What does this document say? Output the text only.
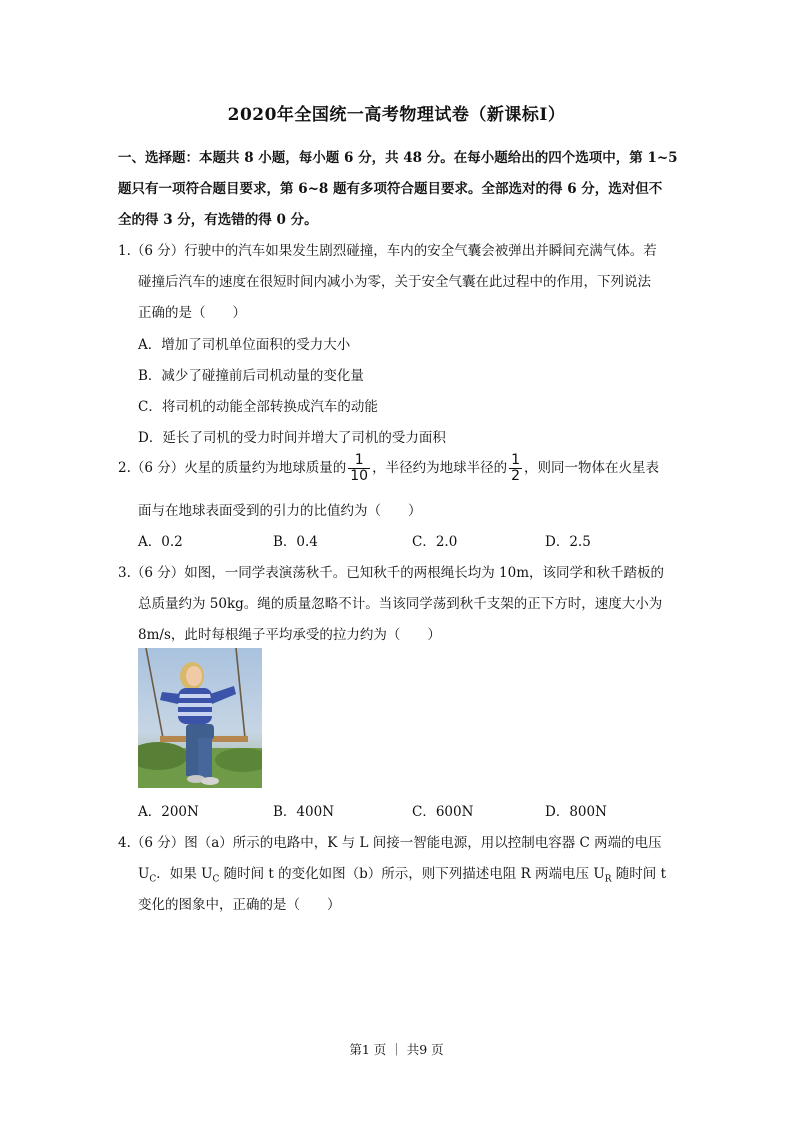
2020年全国统一高考物理试卷（新课标Ⅰ）
一、选择题：本题共 8 小题，每小题 6 分，共 48 分。在每小题给出的四个选项中，第 1~5
题只有一项符合题目要求，第 6~8 题有多项符合题目要求。全部选对的得 6 分，选对但不
全的得 3 分，有选错的得 0 分。
1.（6 分）行驶中的汽车如果发生剧烈碰撞，车内的安全气囊会被弹出并瞬间充满气体。若
碰撞后汽车的速度在很短时间内减小为零，关于安全气囊在此过程中的作用，下列说法
正确的是（　　）
A．增加了司机单位面积的受力大小
B．减少了碰撞前后司机动量的变化量
C．将司机的动能全部转换成汽车的动能
D．延长了司机的受力时间并增大了司机的受力面积
2.（6 分）火星的质量约为地球质量的 $\frac{1}{10}$ ，半径约为地球半径的 $\frac{1}{2}$ ，则同一物体在火星表
面与在地球表面受到的引力的比值约为（　　）
A．0.2	B．0.4	C．2.0	D．2.5
3.（6 分）如图，一同学表演荡秋千。已知秋千的两根绳长均为 10m，该同学和秋千踏板的
总质量约为 50kg。绳的质量忽略不计。当该同学荡到秋千支架的正下方时，速度大小为
8m/s，此时每根绳子平均承受的拉力约为（　　）
A．200N	B．400N	C．600N	D．800N
4.（6 分）图（a）所示的电路中，K 与 L 间接一智能电源，用以控制电容器 C 两端的电压
$U_C$．如果 $U_C$ 随时间 t 的变化如图（b）所示，则下列描述电阻 R 两端电压 $U_R$ 随时间 t
变化的图象中，正确的是（　　）
第1 页 ｜ 共9 页
